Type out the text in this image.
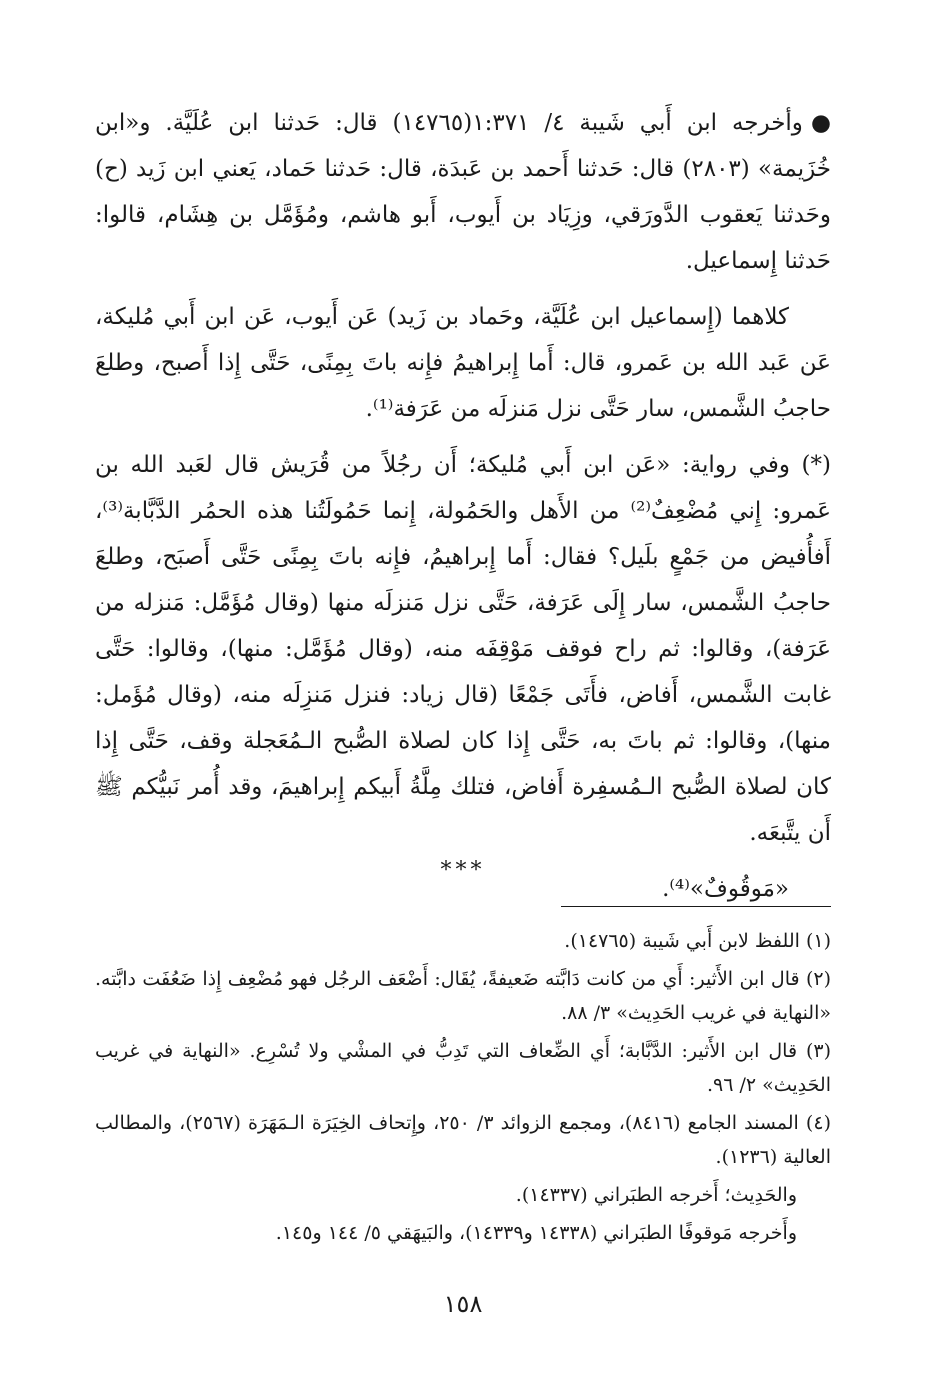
●وأخرجه ابن أَبي شَيبة ٤/ ١:٣٧١(١٤٧٦٥) قال: حَدثنا ابن عُلَيَّة. و«ابن خُزَيمة» (٢٨٠٣) قال: حَدثنا أَحمد بن عَبدَة، قال: حَدثنا حَماد، يَعني ابن زَيد (ح) وحَدثنا يَعقوب الدَّورَقي، وزِيَاد بن أَيوب، أَبو هاشم، ومُؤَمَّل بن هِشَام، قالوا: حَدثنا إِسماعيل.

كلاهما (إِسماعيل ابن عُلَيَّة، وحَماد بن زَيد) عَن أَيوب، عَن ابن أَبي مُليكة، عَن عَبد الله بن عَمرو، قال: أَما إِبراهيمُ فإِنه باتَ بِمِنًى، حَتَّى إِذا أَصبح، وطلعَ حاجبُ الشَّمس، سار حَتَّى نزل مَنزلَه من عَرَفة⁽¹⁾.

(*) وفي رواية: «عَن ابن أَبي مُليكة؛ أَن رجُلاً من قُرَيش قال لعَبد الله بن عَمرو: إِني مُضْعِفٌ⁽²⁾ من الأَهل والحَمُولة، إِنما حَمُولَتُنا هذه الحمُر الدَّبَّابة⁽³⁾، أَفأُفيض من جَمْعٍ بلَيل؟ فقال: أَما إِبراهيمُ، فإِنه باتَ بِمِنًى حَتَّى أَصبَح، وطلعَ حاجبُ الشَّمس، سار إِلَى عَرَفة، حَتَّى نزل مَنزلَه منها (وقال مُؤَمَّل: مَنزله من عَرَفة)، وقالوا: ثم راح فوقف مَوْقِفَه منه، (وقال مُؤَمَّل: منها)، وقالوا: حَتَّى غابت الشَّمس، أَفاض، فأَتَى جَمْعًا (قال زياد: فنزل مَنزِلَه منه، (وقال مُؤَمل: منها)، وقالوا: ثم باتَ به، حَتَّى إِذا كان لصلاة الصُّبح الـمُعَجلة وقف، حَتَّى إِذا كان لصلاة الصُّبح الـمُسفِرة أَفاض، فتلك مِلَّةُ أَبيكم إِبراهيمَ، وقد أُمر نَبيُّكم ﷺ أَن يتَّبعَه.

«مَوقُوفٌ»⁽⁴⁾.

***

(١) اللفظ لابن أَبي شَيبة (١٤٧٦٥).

(٢) قال ابن الأَثير: أَي من كانت دَابَّته ضَعيفةً، يُقَال: أَضْعَف الرجُل فهو مُضْعِف إِذا ضَعُفَت دابَّته. «النهاية في غريب الحَدِيث» ٣/ ٨٨.

(٣) قال ابن الأَثير: الدَّبَّابة؛ أَي الضِّعاف التي تَدِبُّ في المشْي ولا تُسْرِع. «النهاية في غريب الحَدِيث» ٢/ ٩٦.

(٤) المسند الجامع (٨٤١٦)، ومجمع الزوائد ٣/ ٢٥٠، وإِتحاف الخِيَرَة الـمَهَرَة (٢٥٦٧)، والمطالب العالية (١٢٣٦).

والحَدِيث؛ أَخرجه الطبَراني (١٤٣٣٧).

وأَخرجه مَوقوفًا الطبَراني (١٤٣٣٨ و١٤٣٣٩)، والبَيهَقي ٥/ ١٤٤ و١٤٥.

١٥٨
